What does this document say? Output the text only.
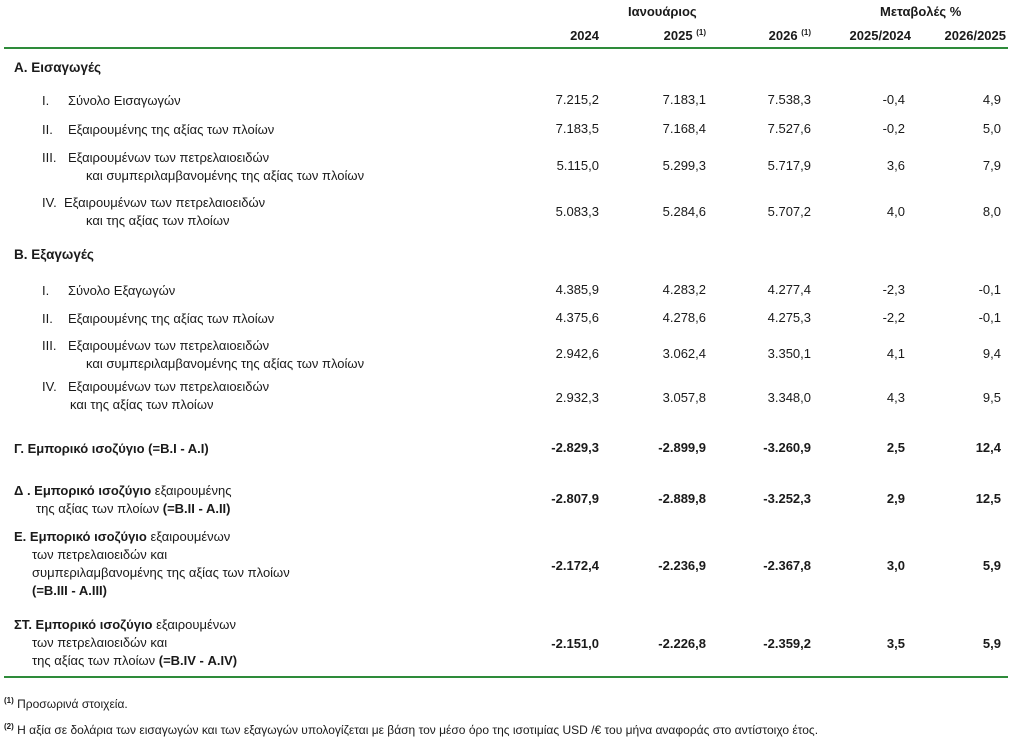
Ιανουάριος	Μεταβολές %
2024	2025 $^{(1)}$	2026 $^{(1)}$	2025/2024	2026/2025
Α. Εισαγωγές
I. Σύνολο Εισαγωγών	7.215,2	7.183,1	7.538,3	-0,4	4,9
II. Εξαιρουμένης της αξίας των πλοίων	7.183,5	7.168,4	7.527,6	-0,2	5,0
III. Εξαιρουμένων των πετρελαιοειδών
και συμπεριλαμβανομένης της αξίας των πλοίων
5.115,0	5.299,3	5.717,9	3,6	7,9
IV. Εξαιρουμένων των πετρελαιοειδών
και της αξίας των πλοίων
5.083,3	5.284,6	5.707,2	4,0	8,0
Β. Εξαγωγές
I. Σύνολο Εξαγωγών	4.385,9	4.283,2	4.277,4	-2,3	-0,1
II. Εξαιρουμένης της αξίας των πλοίων	4.375,6	4.278,6	4.275,3	-2,2	-0,1
III. Εξαιρουμένων των πετρελαιοειδών
και συμπεριλαμβανομένης της αξίας των πλοίων
2.942,6	3.062,4	3.350,1	4,1	9,4
IV. Εξαιρουμένων των πετρελαιοειδών
και της αξίας των πλοίων	2.932,3	3.057,8	3.348,0	4,3	9,5
Γ. Εμπορικό ισοζύγιο (=Β.Ι - Α.Ι)	-2.829,3	-2.899,9	-3.260,9	2,5	12,4
Δ . Εμπορικό ισοζύγιο εξαιρουμένης
της αξίας των πλοίων (=Β.ΙΙ - Α.ΙΙ)
-2.807,9	-2.889,8	-3.252,3	2,9	12,5
Ε. Εμπορικό ισοζύγιο εξαιρουμένων
των πετρελαιοειδών και
συμπεριλαμβανομένης της αξίας των πλοίων
(=Β.ΙΙΙ - Α.ΙΙΙ)
-2.172,4	-2.236,9	-2.367,8	3,0	5,9
ΣΤ. Εμπορικό ισοζύγιο εξαιρουμένων
των πετρελαιοειδών και
της αξίας των πλοίων (=Β.ΙV - Α.ΙV)
-2.151,0	-2.226,8	-2.359,2	3,5	5,9
$^{(1)}$ Προσωρινά στοιχεία.
$^{(2)}$ Η αξία σε δολάρια των εισαγωγών και των εξαγωγών υπολογίζεται με βάση τον μέσο όρο της ισοτιμίας USD /€ του μήνα αναφοράς στο αντίστοιχο έτος.
